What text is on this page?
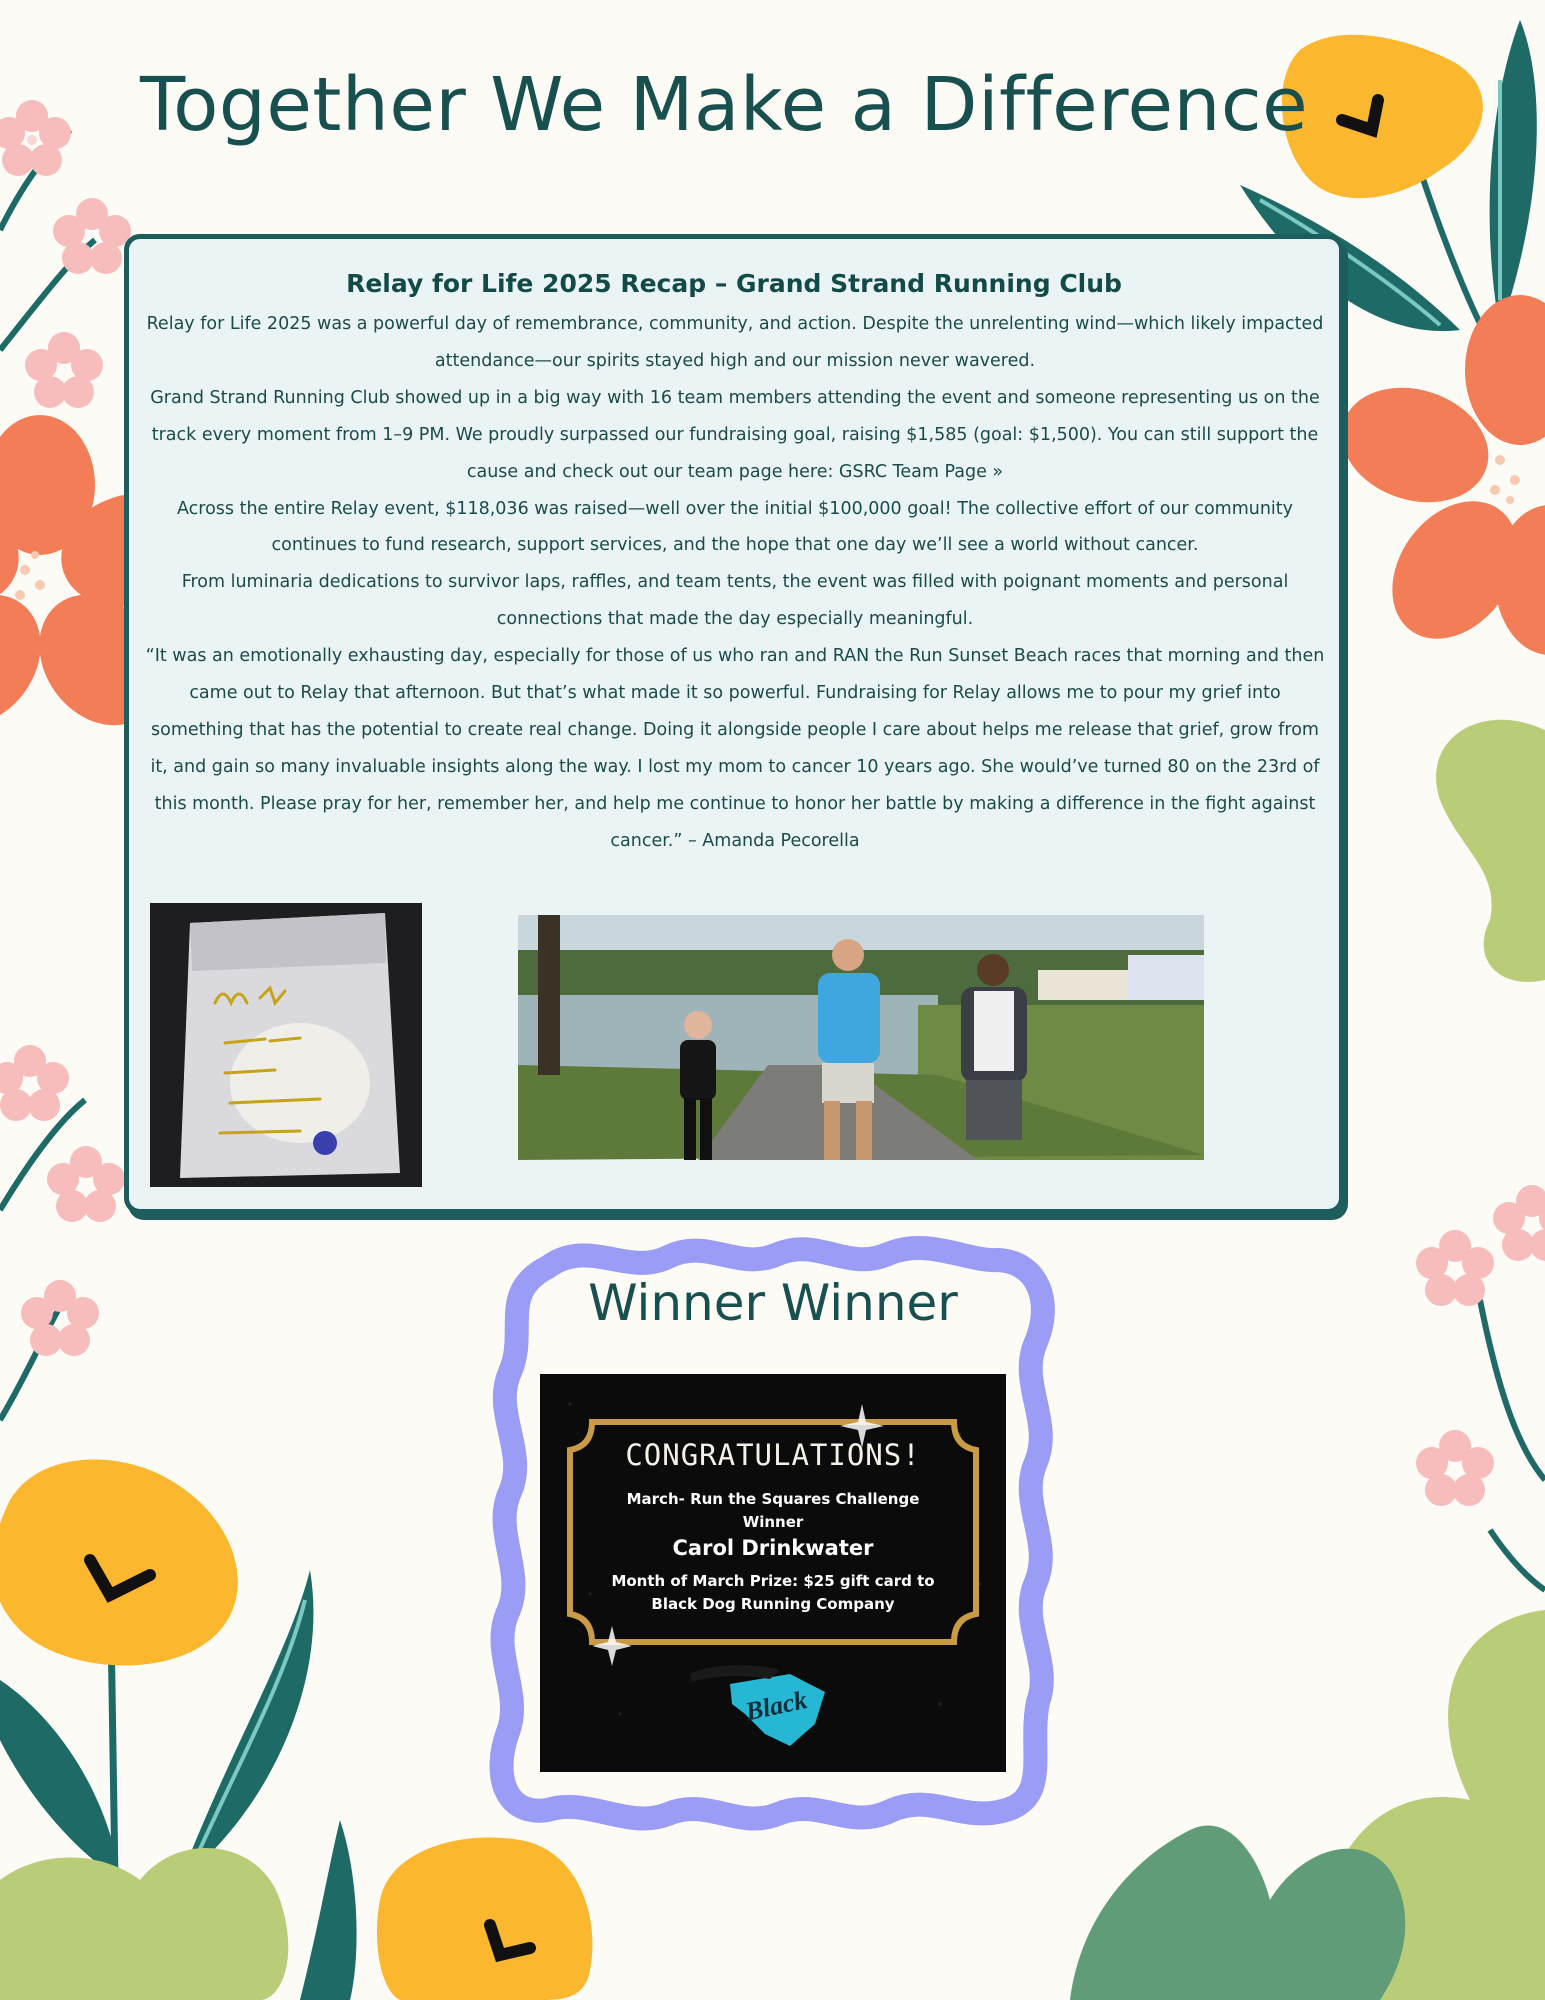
Together We Make a Difference
Relay for Life 2025 Recap – Grand Strand Running Club

Relay for Life 2025 was a powerful day of remembrance, community, and action. Despite the unrelenting wind—which likely impacted attendance—our spirits stayed high and our mission never wavered.

Grand Strand Running Club showed up in a big way with 16 team members attending the event and someone representing us on the track every moment from 1–9 PM. We proudly surpassed our fundraising goal, raising $1,585 (goal: $1,500). You can still support the cause and check out our team page here: GSRC Team Page »

Across the entire Relay event, $118,036 was raised—well over the initial $100,000 goal! The collective effort of our community continues to fund research, support services, and the hope that one day we’ll see a world without cancer.

From luminaria dedications to survivor laps, raffles, and team tents, the event was filled with poignant moments and personal connections that made the day especially meaningful.

“It was an emotionally exhausting day, especially for those of us who ran and RAN the Run Sunset Beach races that morning and then came out to Relay that afternoon. But that’s what made it so powerful. Fundraising for Relay allows me to pour my grief into something that has the potential to create real change. Doing it alongside people I care about helps me release that grief, grow from it, and gain so many invaluable insights along the way. I lost my mom to cancer 10 years ago. She would’ve turned 80 on the 23rd of this month. Please pray for her, remember her, and help me continue to honor her battle by making a difference in the fight against cancer.” – Amanda Pecorella

Winner Winner
Black
CONGRATULATIONS!
March- Run the Squares Challenge
Winner
Carol Drinkwater
Month of March Prize: $25 gift card to
Black Dog Running Company
